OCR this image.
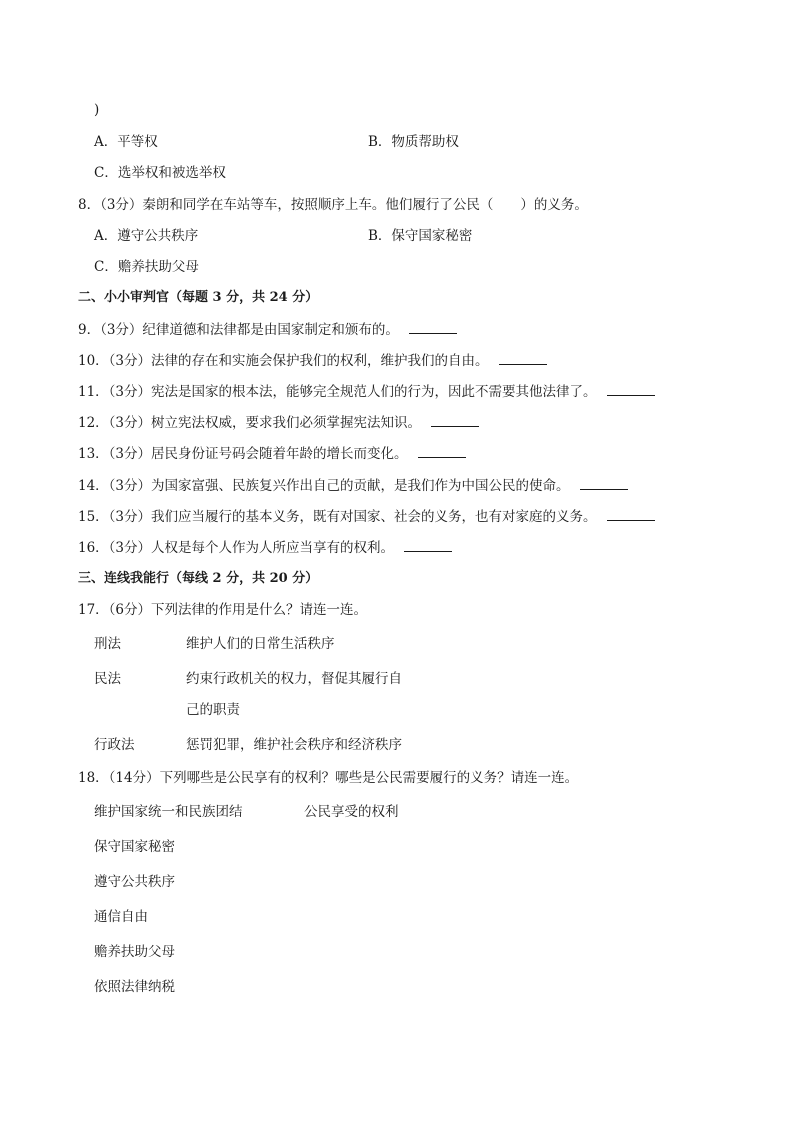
)
A．平等权	B．物质帮助权
C．选举权和被选举权
8．（3分）秦朗和同学在车站等车，按照顺序上车。他们履行了公民（　　）的义务。
A．遵守公共秩序	B．保守国家秘密
C．赡养扶助父母
二、小小审判官（每题 3 分，共 24 分）
9．（3分）纪律道德和法律都是由国家制定和颁布的。
10．（3分）法律的存在和实施会保护我们的权利，维护我们的自由。
11．（3分）宪法是国家的根本法，能够完全规范人们的行为，因此不需要其他法律了。
12．（3分）树立宪法权威，要求我们必须掌握宪法知识。
13．（3分）居民身份证号码会随着年龄的增长而变化。
14．（3分）为国家富强、民族复兴作出自己的贡献，是我们作为中国公民的使命。
15．（3分）我们应当履行的基本义务，既有对国家、社会的义务，也有对家庭的义务。
16．（3分）人权是每个人作为人所应当享有的权利。
三、连线我能行（每线 2 分，共 20 分）
17．（6分）下列法律的作用是什么？请连一连。
刑法	维护人们的日常生活秩序
民法	约束行政机关的权力，督促其履行自
己的职责
行政法	惩罚犯罪，维护社会秩序和经济秩序
18．（14分）下列哪些是公民享有的权利？哪些是公民需要履行的义务？请连一连。
维护国家统一和民族团结	公民享受的权利
保守国家秘密
遵守公共秩序
通信自由
赡养扶助父母
依照法律纳税
